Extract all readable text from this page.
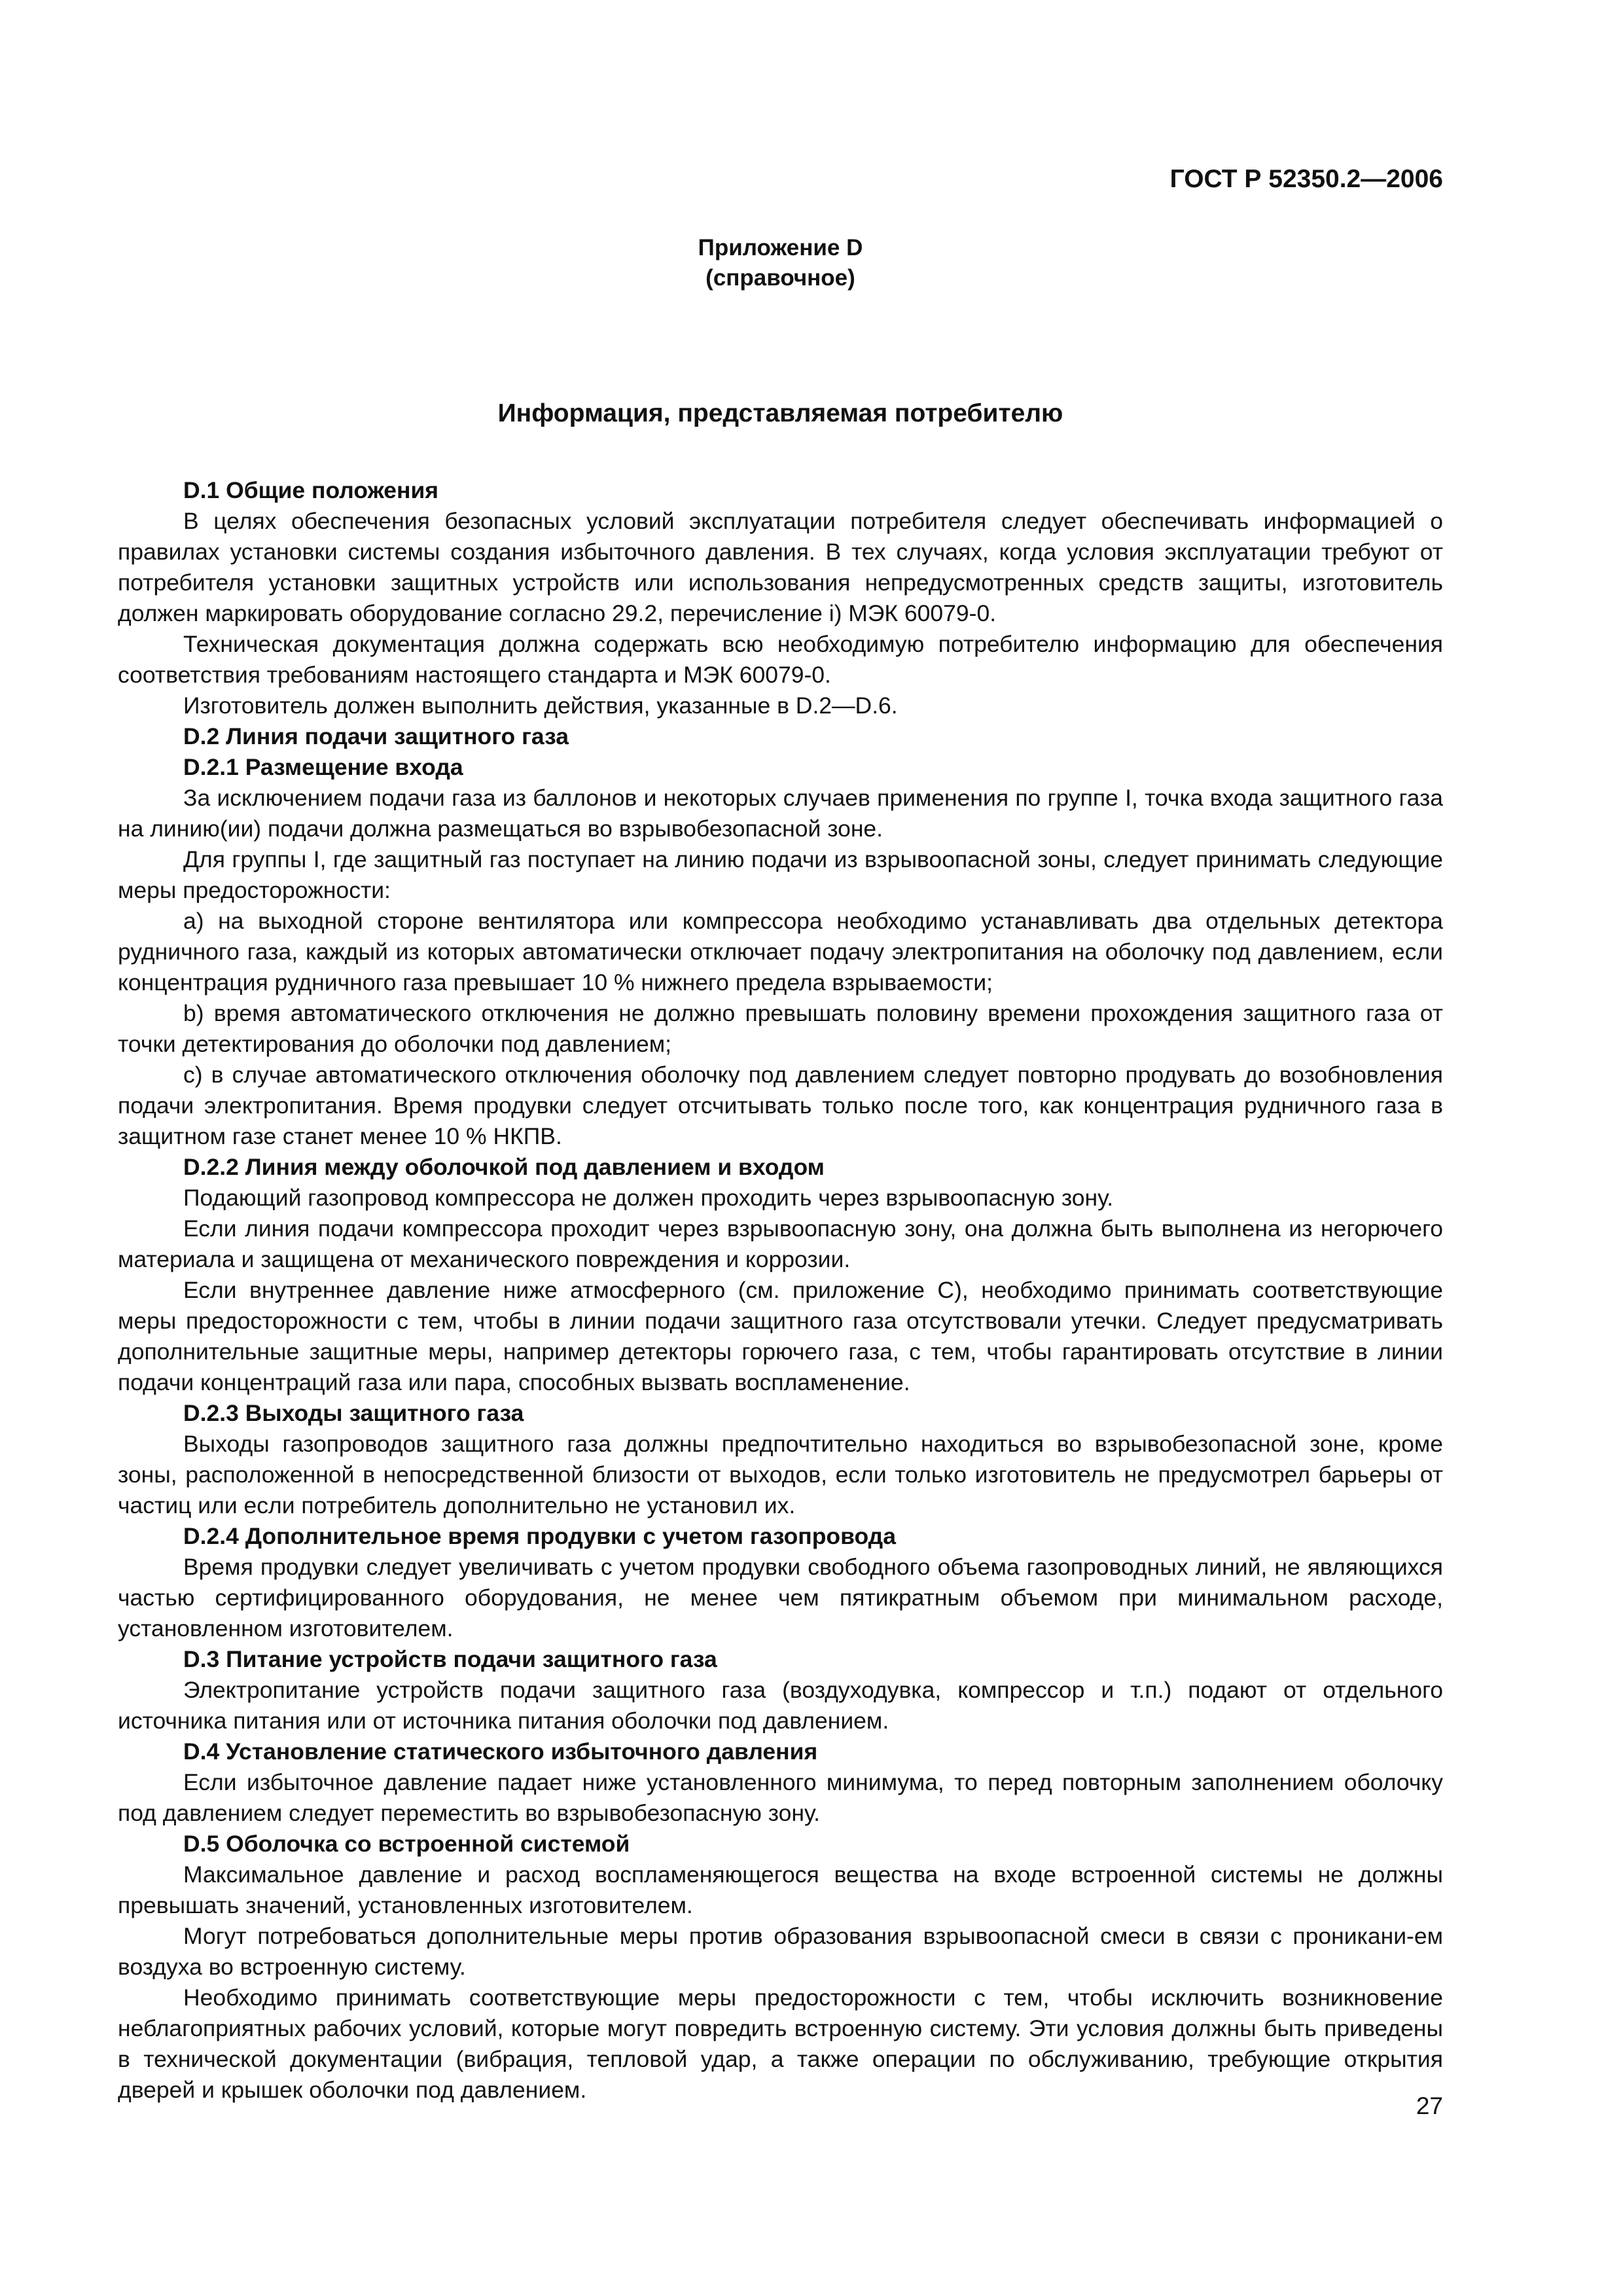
ГОСТ Р 52350.2—2006

Приложение D

(справочное)

Информация, представляемая потребителю

D.1 Общие положения

В целях обеспечения безопасных условий эксплуатации потребителя следует обеспечивать информацией о правилах установки системы создания избыточного давления. В тех случаях, когда условия эксплуатации требуют от потребителя установки защитных устройств или использования непредусмотренных средств защиты, изготовитель должен маркировать оборудование согласно 29.2, перечисление i) МЭК 60079-0.

Техническая документация должна содержать всю необходимую потребителю информацию для обеспечения соответствия требованиям настоящего стандарта и МЭК 60079-0.

Изготовитель должен выполнить действия, указанные в D.2—D.6.

D.2 Линия подачи защитного газа

D.2.1 Размещение входа

За исключением подачи газа из баллонов и некоторых случаев применения по группе I, точка входа защитного газа на линию(ии) подачи должна размещаться во взрывобезопасной зоне.

Для группы I, где защитный газ поступает на линию подачи из взрывоопасной зоны, следует принимать следующие меры предосторожности:

a) на выходной стороне вентилятора или компрессора необходимо устанавливать два отдельных детектора рудничного газа, каждый из которых автоматически отключает подачу электропитания на оболочку под давлением, если концентрация рудничного газа превышает 10 % нижнего предела взрываемости;

b) время автоматического отключения не должно превышать половину времени прохождения защитного газа от точки детектирования до оболочки под давлением;

c) в случае автоматического отключения оболочку под давлением следует повторно продувать до возобновления подачи электропитания. Время продувки следует отсчитывать только после того, как концентрация рудничного газа в защитном газе станет менее 10 % НКПВ.

D.2.2 Линия между оболочкой под давлением и входом

Подающий газопровод компрессора не должен проходить через взрывоопасную зону.

Если линия подачи компрессора проходит через взрывоопасную зону, она должна быть выполнена из негорючего материала и защищена от механического повреждения и коррозии.

Если внутреннее давление ниже атмосферного (см. приложение С), необходимо принимать соответствующие меры предосторожности с тем, чтобы в линии подачи защитного газа отсутствовали утечки. Следует предусматривать дополнительные защитные меры, например детекторы горючего газа, с тем, чтобы гарантировать отсутствие в линии подачи концентраций газа или пара, способных вызвать воспламенение.

D.2.3 Выходы защитного газа

Выходы газопроводов защитного газа должны предпочтительно находиться во взрывобезопасной зоне, кроме зоны, расположенной в непосредственной близости от выходов, если только изготовитель не предусмотрел барьеры от частиц или если потребитель дополнительно не установил их.

D.2.4 Дополнительное время продувки с учетом газопровода

Время продувки следует увеличивать с учетом продувки свободного объема газопроводных линий, не являющихся частью сертифицированного оборудования, не менее чем пятикратным объемом при минимальном расходе, установленном изготовителем.

D.3 Питание устройств подачи защитного газа

Электропитание устройств подачи защитного газа (воздуходувка, компрессор и т.п.) подают от отдельного источника питания или от источника питания оболочки под давлением.

D.4 Установление статического избыточного давления

Если избыточное давление падает ниже установленного минимума, то перед повторным заполнением оболочку под давлением следует переместить во взрывобезопасную зону.

D.5 Оболочка со встроенной системой

Максимальное давление и расход воспламеняющегося вещества на входе встроенной системы не должны превышать значений, установленных изготовителем.

Могут потребоваться дополнительные меры против образования взрывоопасной смеси в связи с проникани-ем воздуха во встроенную систему.

Необходимо принимать соответствующие меры предосторожности с тем, чтобы исключить возникновение неблагоприятных рабочих условий, которые могут повредить встроенную систему. Эти условия должны быть приведены в технической документации (вибрация, тепловой удар, а также операции по обслуживанию, требующие открытия дверей и крышек оболочки под давлением.

27
